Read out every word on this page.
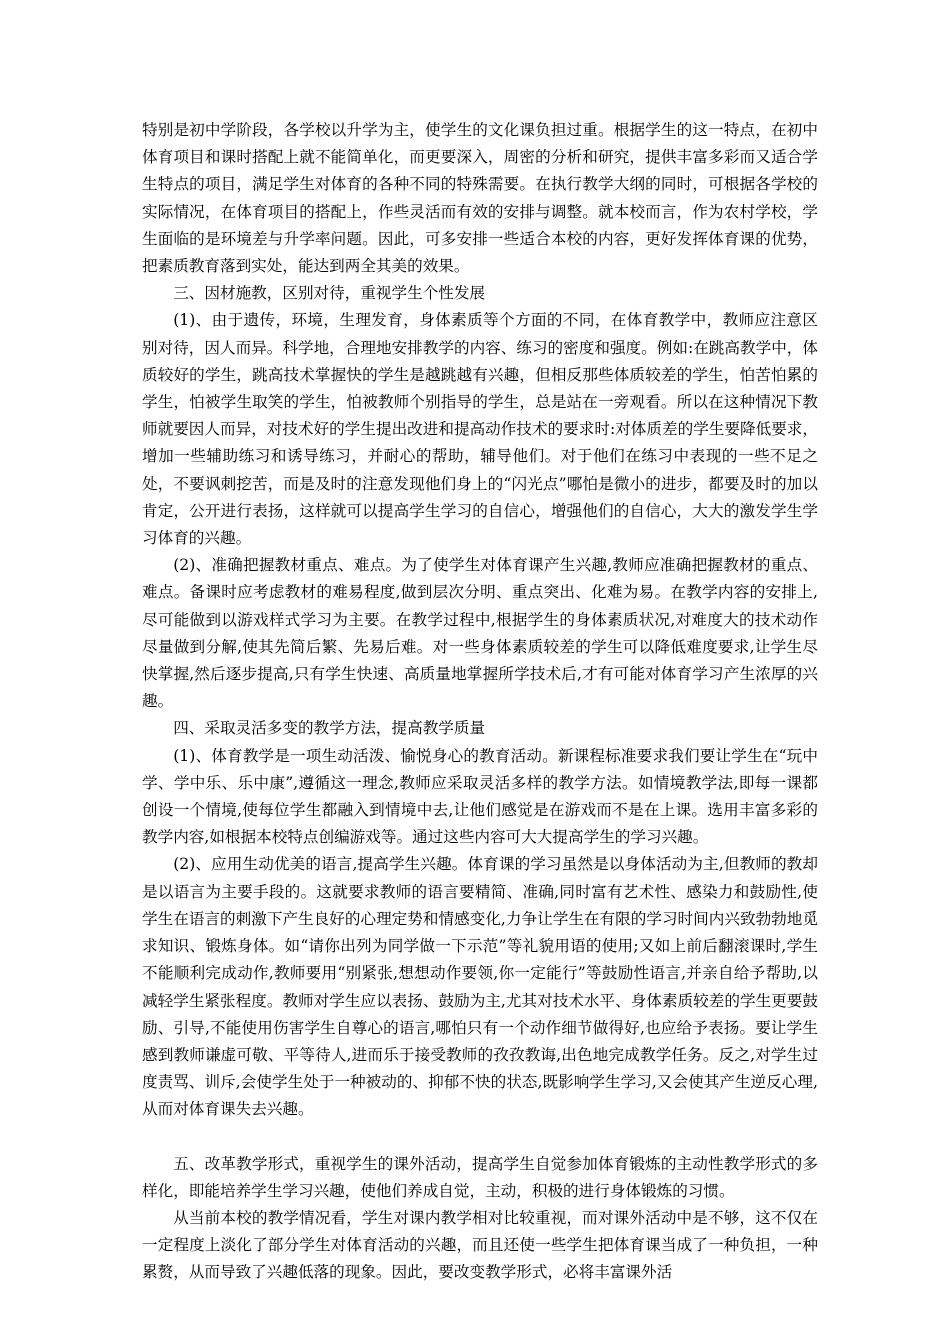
特别是初中学阶段，各学校以升学为主，使学生的文化课负担过重。根据学生的这一特点，在初中体育项目和课时搭配上就不能简单化，而更要深入，周密的分析和研究，提供丰富多彩而又适合学生特点的项目，满足学生对体育的各种不同的特殊需要。在执行教学大纲的同时，可根据各学校的实际情况，在体育项目的搭配上，作些灵活而有效的安排与调整。就本校而言，作为农村学校，学生面临的是环境差与升学率问题。因此，可多安排一些适合本校的内容，更好发挥体育课的优势，把素质教育落到实处，能达到两全其美的效果。

三、因材施教，区别对待，重视学生个性发展

(1)、由于遗传，环境，生理发育，身体素质等个方面的不同，在体育教学中，教师应注意区别对待，因人而异。科学地，合理地安排教学的内容、练习的密度和强度。例如:在跳高教学中，体质较好的学生，跳高技术掌握快的学生是越跳越有兴趣，但相反那些体质较差的学生，怕苦怕累的学生，怕被学生取笑的学生，怕被教师个别指导的学生，总是站在一旁观看。所以在这种情况下教师就要因人而异，对技术好的学生提出改进和提高动作技术的要求时:对体质差的学生要降低要求，增加一些辅助练习和诱导练习，并耐心的帮助，辅导他们。对于他们在练习中表现的一些不足之处，不要讽刺挖苦，而是及时的注意发现他们身上的“闪光点”哪怕是微小的进步，都要及时的加以肯定，公开进行表扬，这样就可以提高学生学习的自信心，增强他们的自信心，大大的激发学生学习体育的兴趣。

(2)、准确把握教材重点、难点。为了使学生对体育课产生兴趣,教师应准确把握教材的重点、难点。备课时应考虑教材的难易程度,做到层次分明、重点突出、化难为易。在教学内容的安排上,尽可能做到以游戏样式学习为主要。在教学过程中,根据学生的身体素质状况,对难度大的技术动作尽量做到分解,使其先简后繁、先易后难。对一些身体素质较差的学生可以降低难度要求,让学生尽快掌握,然后逐步提高,只有学生快速、高质量地掌握所学技术后,才有可能对体育学习产生浓厚的兴趣。

四、采取灵活多变的教学方法，提高教学质量

(1)、体育教学是一项生动活泼、愉悦身心的教育活动。新课程标准要求我们要让学生在“玩中学、学中乐、乐中康”,遵循这一理念,教师应采取灵活多样的教学方法。如情境教学法,即每一课都创设一个情境,使每位学生都融入到情境中去,让他们感觉是在游戏而不是在上课。选用丰富多彩的教学内容,如根据本校特点创编游戏等。通过这些内容可大大提高学生的学习兴趣。

(2)、应用生动优美的语言,提高学生兴趣。体育课的学习虽然是以身体活动为主,但教师的教却是以语言为主要手段的。这就要求教师的语言要精简、准确,同时富有艺术性、感染力和鼓励性,使学生在语言的刺激下产生良好的心理定势和情感变化,力争让学生在有限的学习时间内兴致勃勃地觅求知识、锻炼身体。如“请你出列为同学做一下示范”等礼貌用语的使用;又如上前后翻滚课时,学生不能顺利完成动作,教师要用“别紧张,想想动作要领,你一定能行”等鼓励性语言,并亲自给予帮助,以减轻学生紧张程度。教师对学生应以表扬、鼓励为主,尤其对技术水平、身体素质较差的学生更要鼓励、引导,不能使用伤害学生自尊心的语言,哪怕只有一个动作细节做得好,也应给予表扬。要让学生感到教师谦虚可敬、平等待人,进而乐于接受教师的孜孜教诲,出色地完成教学任务。反之,对学生过度责骂、训斥,会使学生处于一种被动的、抑郁不快的状态,既影响学生学习,又会使其产生逆反心理,从而对体育课失去兴趣。

五、改革教学形式，重视学生的课外活动，提高学生自觉参加体育锻炼的主动性教学形式的多样化，即能培养学生学习兴趣，使他们养成自觉，主动，积极的进行身体锻炼的习惯。

从当前本校的教学情况看，学生对课内教学相对比较重视，而对课外活动中是不够，这不仅在一定程度上淡化了部分学生对体育活动的兴趣，而且还使一些学生把体育课当成了一种负担，一种累赘，从而导致了兴趣低落的现象。因此，要改变教学形式，必将丰富课外活
